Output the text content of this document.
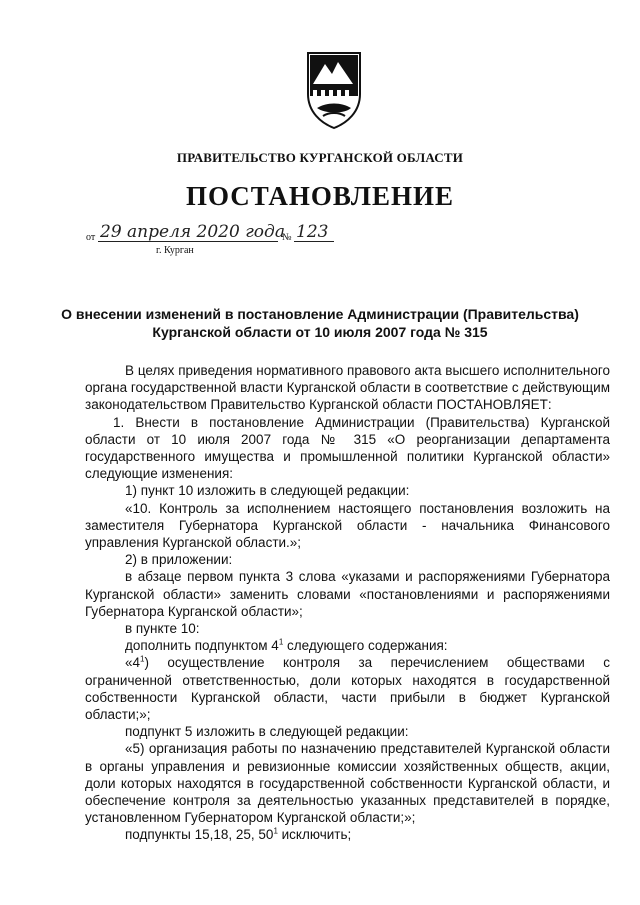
ПРАВИТЕЛЬСТВО КУРГАНСКОЙ ОБЛАСТИ
ПОСТАНОВЛЕНИЕ
от 29 апреля 2020 года
№ 123
г. Курган
О внесении изменений в постановление Администрации (Правительства)
Курганской области от 10 июля 2007 года № 315

В целях приведения нормативного правового акта высшего исполнительного органа государственной власти Курганской области в соответствие с действующим законодательством Правительство Курганской области ПОСТАНОВЛЯЕТ:

1. Внести в постановление Администрации (Правительства) Курганской области от 10 июля 2007 года № 315 «О реорганизации департамента государственного имущества и промышленной политики Курганской области» следующие изменения:

1) пункт 10 изложить в следующей редакции:

«10. Контроль за исполнением настоящего постановления возложить на заместителя Губернатора Курганской области - начальника Финансового управления Курганской области.»;

2) в приложении:

в абзаце первом пункта 3 слова «указами и распоряжениями Губернатора Курганской области» заменить словами «постановлениями и распоряжениями Губернатора Курганской области»;

в пункте 10:

дополнить подпунктом $4^1$ следующего содержания:

«$4^1$) осуществление контроля за перечислением обществами с ограниченной ответственностью, доли которых находятся в государственной собственности Курганской области, части прибыли в бюджет Курганской области;»;

подпункт 5 изложить в следующей редакции:

«5) организация работы по назначению представителей Курганской области в органы управления и ревизионные комиссии хозяйственных обществ, акции, доли которых находятся в государственной собственности Курганской области, и обеспечение контроля за деятельностью указанных представителей в порядке, установленном Губернатором Курганской области;»;

подпункты 15,18, 25, $50^1$ исключить;
